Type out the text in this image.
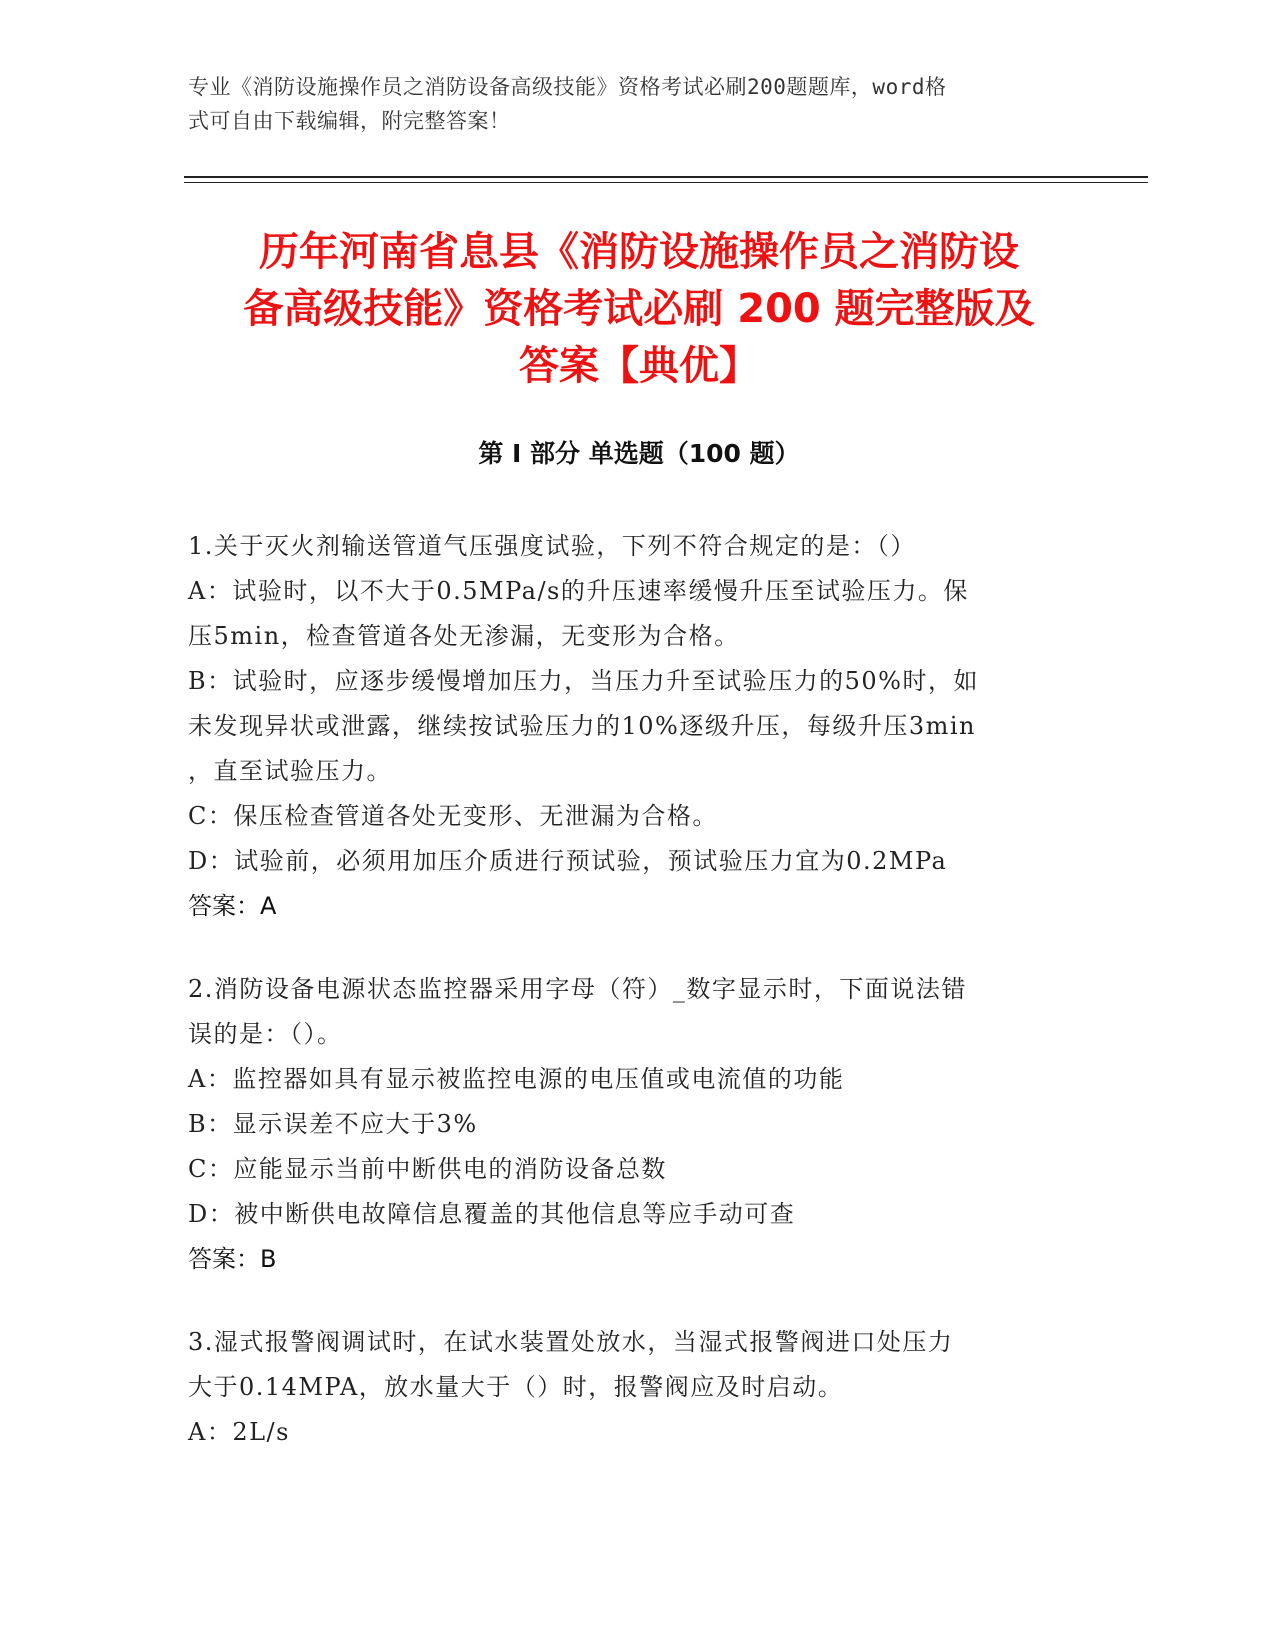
专业《消防设施操作员之消防设备高级技能》资格考试必刷200题题库，word格
式可自由下载编辑，附完整答案！
历年河南省息县《消防设施操作员之消防设
备高级技能》资格考试必刷 200 题完整版及
答案【典优】
第 I 部分 单选题（100 题）
1.关于灭火剂输送管道气压强度试验，下列不符合规定的是：（）
A：试验时，以不大于0.5MPa/s的升压速率缓慢升压至试验压力。保
压5min，检查管道各处无渗漏，无变形为合格。
B：试验时，应逐步缓慢增加压力，当压力升至试验压力的50%时，如
未发现异状或泄露，继续按试验压力的10%逐级升压，每级升压3min
，直至试验压力。
C：保压检查管道各处无变形、无泄漏为合格。
D：试验前，必须用加压介质进行预试验，预试验压力宜为0.2MPa
答案：A
2.消防设备电源状态监控器采用字母（符）_数字显示时，下面说法错
误的是：（）。
A：监控器如具有显示被监控电源的电压值或电流值的功能
B：显示误差不应大于3%
C：应能显示当前中断供电的消防设备总数
D：被中断供电故障信息覆盖的其他信息等应手动可查
答案：B
3.湿式报警阀调试时，在试水装置处放水，当湿式报警阀进口处压力
大于0.14MPA，放水量大于（）时，报警阀应及时启动。
A：2L/s
